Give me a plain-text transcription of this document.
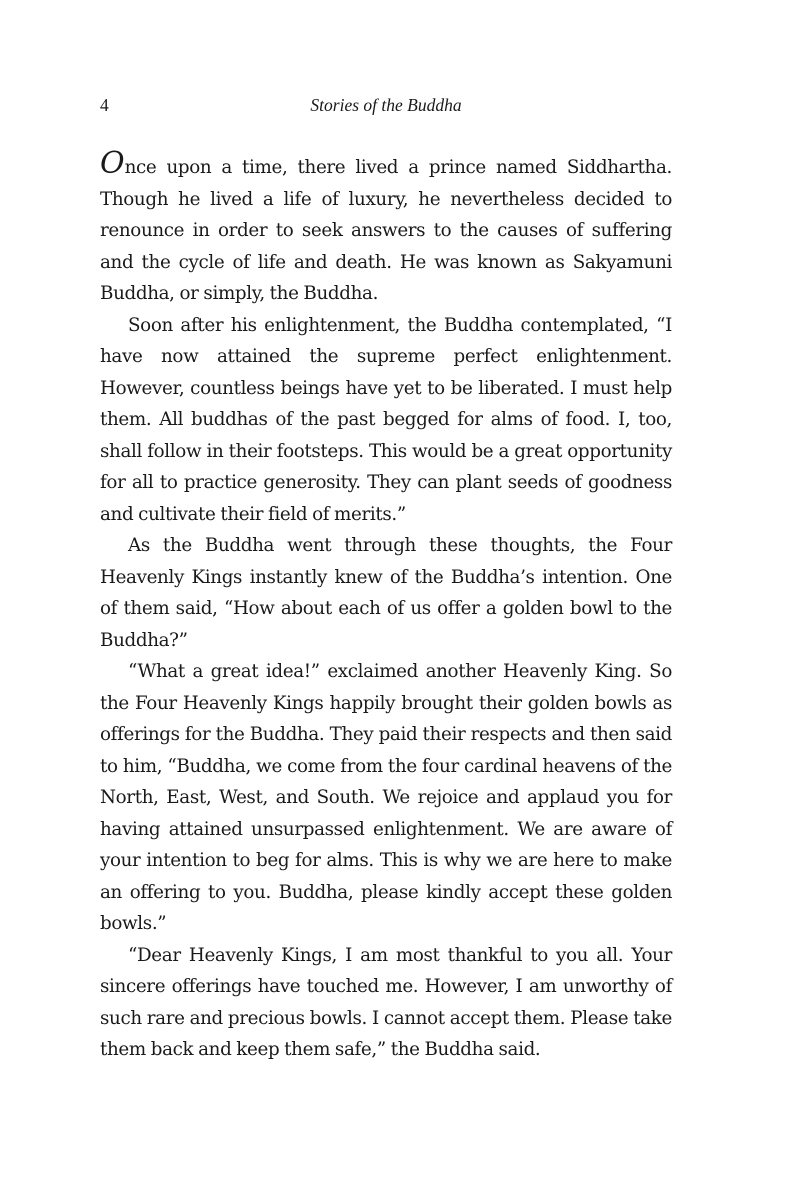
4	Stories of the Buddha

Once upon a time, there lived a prince named Siddhartha. Though he lived a life of luxury, he nevertheless decided to renounce in order to seek answers to the causes of suffering and the cycle of life and death. He was known as Sakyamuni Buddha, or simply, the Buddha.

Soon after his enlightenment, the Buddha contemplated, “I have now attained the supreme perfect enlightenment. However, countless beings have yet to be liberated. I must help them. All buddhas of the past begged for alms of food. I, too, shall follow in their footsteps. This would be a great opportunity for all to practice generosity. They can plant seeds of goodness and cultivate their field of merits.”

As the Buddha went through these thoughts, the Four Heavenly Kings instantly knew of the Buddha’s intention. One of them said, “How about each of us offer a golden bowl to the Buddha?”

“What a great idea!” exclaimed another Heavenly King. So the Four Heavenly Kings happily brought their golden bowls as offerings for the Buddha. They paid their respects and then said to him, “Buddha, we come from the four cardinal heavens of the North, East, West, and South. We rejoice and applaud you for having attained unsurpassed enlightenment. We are aware of your intention to beg for alms. This is why we are here to make an offering to you. Buddha, please kindly accept these golden bowls.”

“Dear Heavenly Kings, I am most thankful to you all. Your sincere offerings have touched me. However, I am unworthy of such rare and precious bowls. I cannot accept them. Please take them back and keep them safe,” the Buddha said.
